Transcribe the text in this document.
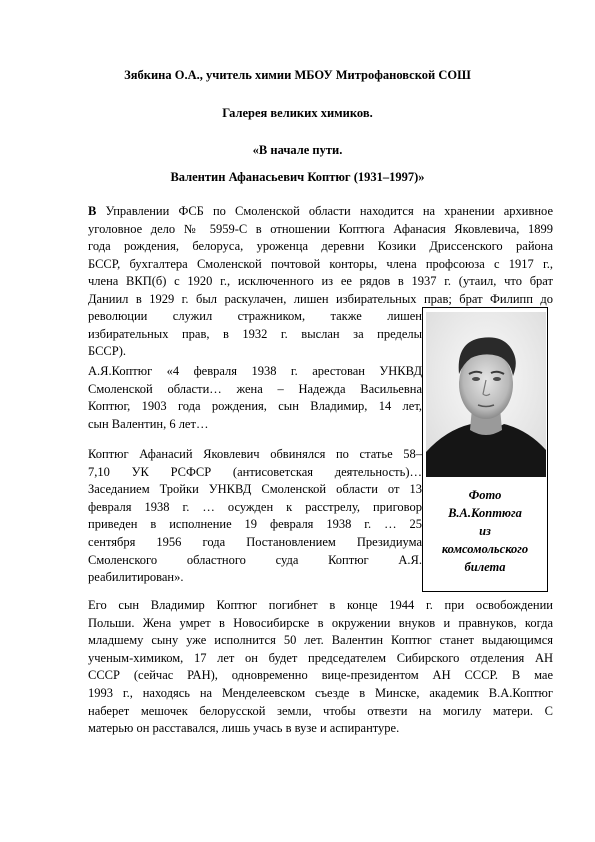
Зябкина О.А., учитель химии МБОУ Митрофановской СОШ
Галерея великих химиков.
«В начале пути.
Валентин Афанасьевич Коптюг (1931–1997)»
В Управлении ФСБ по Смоленской области находится на хранении архивное
уголовное дело № 5959-С в отношении Коптюга Афанасия Яковлевича, 1899
года рождения, белоруса, уроженца деревни Козики Дриссенского района
БССР, бухгалтера Смоленской почтовой конторы, члена профсоюза с 1917 г.,
члена ВКП(б) с 1920 г., исключенного из ее рядов в 1937 г. (утаил, что брат
Даниил в 1929 г. был раскулачен, лишен избирательных прав; брат Филипп до
революции служил стражником, также лишен
избирательных прав, в 1932 г. выслан за пределы
БССР).
А.Я.Коптюг «4 февраля 1938 г. арестован УНКВД
Смоленской области… жена – Надежда Васильевна
Коптюг, 1903 года рождения, сын Владимир, 14 лет,
сын Валентин, 6 лет…
Коптюг Афанасий Яковлевич обвинялся по статье 58–
7,10 УК РСФСР (антисоветская деятельность)…
Заседанием Тройки УНКВД Смоленской области от 13
февраля 1938 г. … осужден к расстрелу, приговор
приведен в исполнение 19 февраля 1938 г. … 25
сентября 1956 года Постановлением Президиума
Смоленского областного суда Коптюг А.Я.
реабилитирован».
Его сын Владимир Коптюг погибнет в конце 1944 г. при освобождении
Польши. Жена умрет в Новосибирске в окружении внуков и правнуков, когда
младшему сыну уже исполнится 50 лет. Валентин Коптюг станет выдающимся
ученым-химиком, 17 лет он будет председателем Сибирского отделения АН
СССР (сейчас РАН), одновременно вице-президентом АН СССР. В мае
1993 г., находясь на Менделеевском съезде в Минске, академик В.А.Коптюг
наберет мешочек белорусской земли, чтобы отвезти на могилу матери. С
матерью он расставался, лишь учась в вузе и аспирантуре.
Фото
В.А.Коптюга
из
комсомольского
билета
